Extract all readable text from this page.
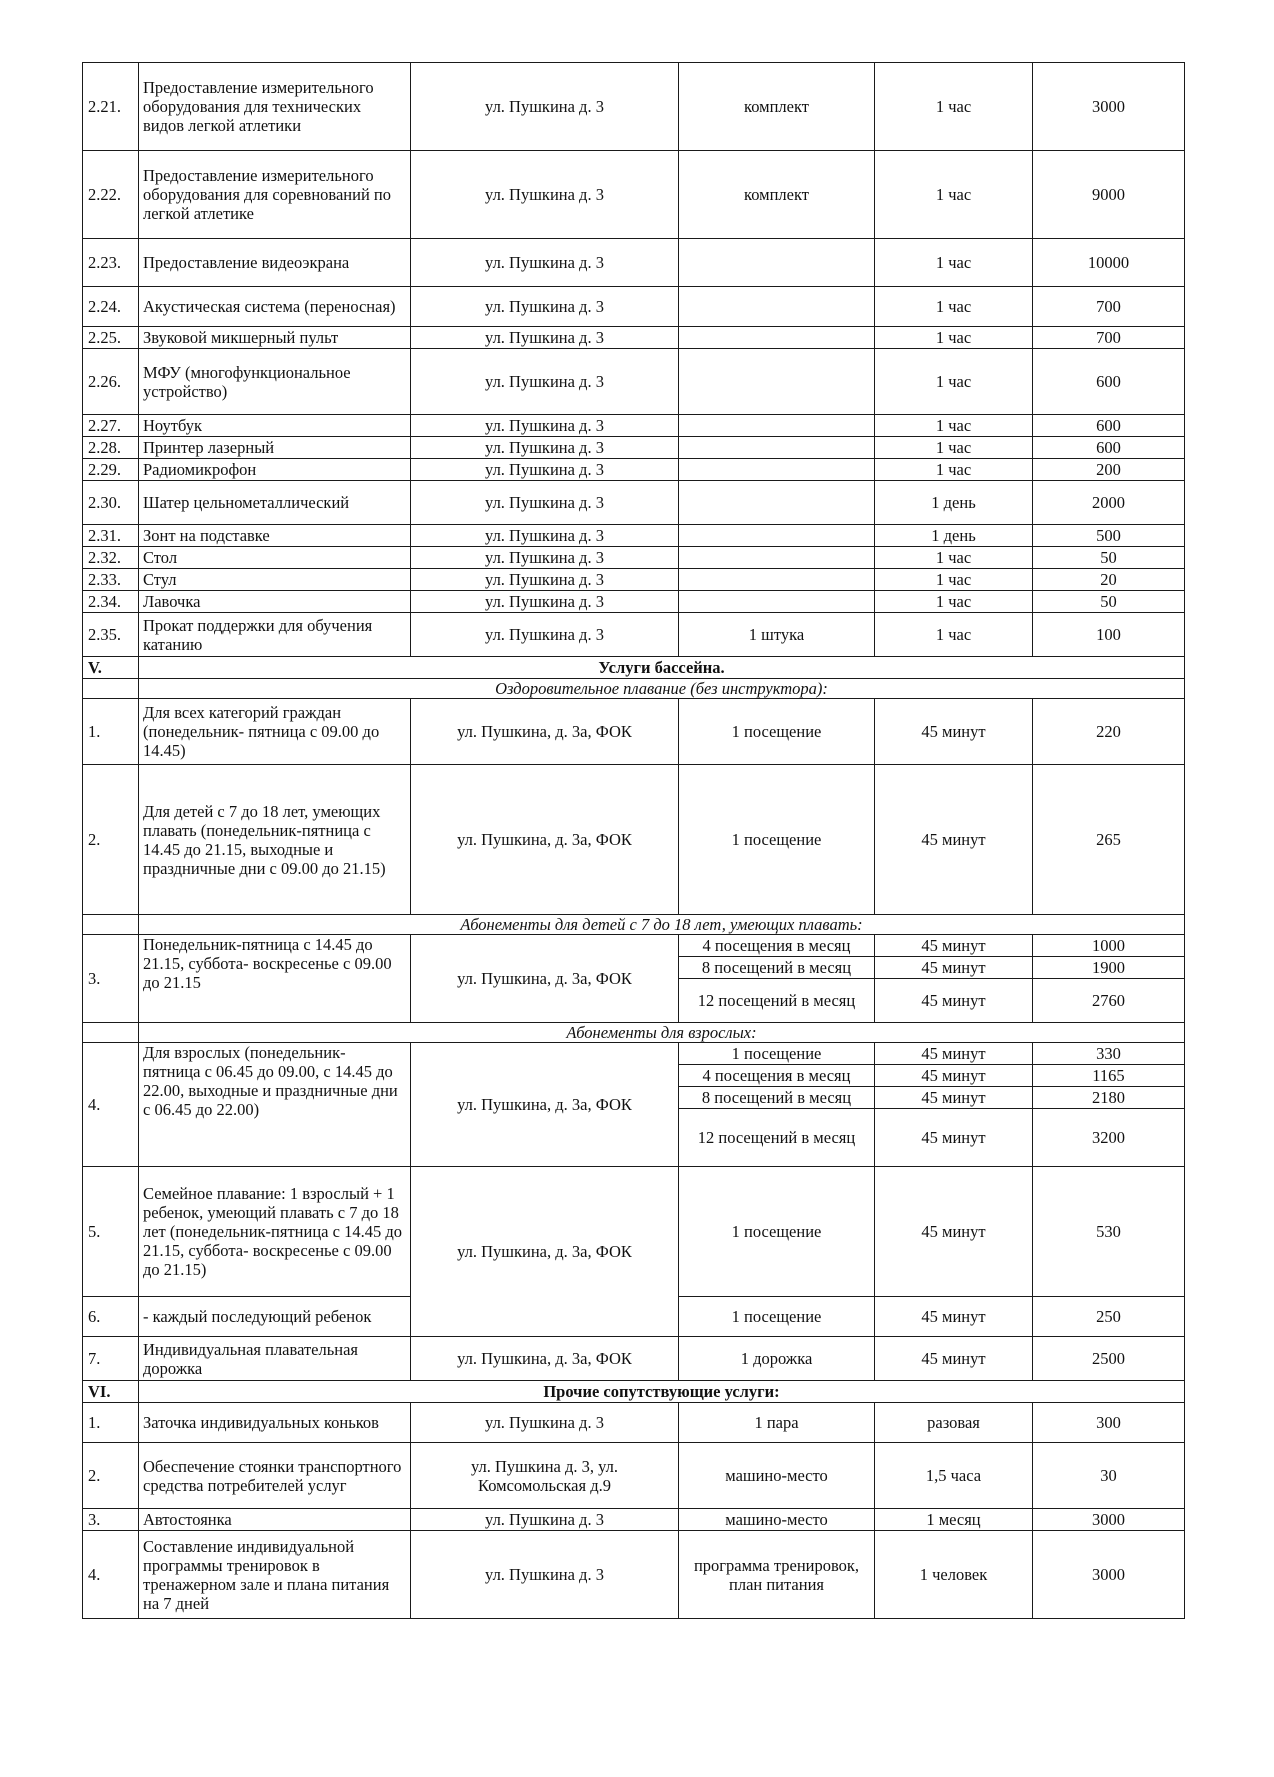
2.21.	Предоставление измерительного оборудования для технических видов легкой атлетики	ул. Пушкина д. 3	комплект	1 час	3000
2.22.	Предоставление измерительного оборудования для соревнований по легкой атлетике	ул. Пушкина д. 3	комплект	1 час	9000
2.23.	Предоставление видеоэкрана	ул. Пушкина д. 3		1 час	10000
2.24.	Акустическая система (переносная)	ул. Пушкина д. 3		1 час	700
2.25.	Звуковой микшерный пульт	ул. Пушкина д. 3		1 час	700
2.26.	МФУ (многофункциональное устройство)	ул. Пушкина д. 3		1 час	600
2.27.	Ноутбук	ул. Пушкина д. 3		1 час	600
2.28.	Принтер лазерный	ул. Пушкина д. 3		1 час	600
2.29.	Радиомикрофон	ул. Пушкина д. 3		1 час	200
2.30.	Шатер цельнометаллический	ул. Пушкина д. 3		1 день	2000
2.31.	Зонт на подставке	ул. Пушкина д. 3		1 день	500
2.32.	Стол	ул. Пушкина д. 3		1 час	50
2.33.	Стул	ул. Пушкина д. 3		1 час	20
2.34.	Лавочка	ул. Пушкина д. 3		1 час	50
2.35.	Прокат поддержки для обучения катанию	ул. Пушкина д. 3	1 штука	1 час	100
V.	Услуги бассейна.				
	Оздоровительное плавание (без инструктора):				
1.	Для всех категорий граждан (понедельник- пятница с 09.00 до 14.45)	ул. Пушкина, д. 3а, ФОК	1 посещение	45 минут	220
2.	Для детей с 7 до 18 лет, умеющих плавать (понедельник-пятница с 14.45 до 21.15, выходные и праздничные дни с 09.00 до 21.15)	ул. Пушкина, д. 3а, ФОК	1 посещение	45 минут	265
	Абонементы для детей с 7 до 18 лет, умеющих плавать:				
3.	Понедельник-пятница с 14.45 до 21.15, суббота- воскресенье с 09.00 до 21.15	ул. Пушкина, д. 3а, ФОК	4 посещения в месяц	45 минут	1000
			8 посещений в месяц	45 минут	1900
			12 посещений в месяц	45 минут	2760
	Абонементы для взрослых:				
4.	Для взрослых (понедельник- пятница с 06.45 до 09.00, с 14.45 до 22.00, выходные и праздничные дни с 06.45 до 22.00)	ул. Пушкина, д. 3а, ФОК	1 посещение	45 минут	330
			4 посещения в месяц	45 минут	1165
			8 посещений в месяц	45 минут	2180
			12 посещений в месяц	45 минут	3200
5.	Семейное плавание: 1 взрослый + 1 ребенок, умеющий плавать с 7 до 18 лет (понедельник-пятница с 14.45 до 21.15, суббота- воскресенье с 09.00 до 21.15)	ул. Пушкина, д. 3а, ФОК	1 посещение	45 минут	530
6.	- каждый последующий ребенок		1 посещение	45 минут	250
7.	Индивидуальная плавательная дорожка	ул. Пушкина, д. 3а, ФОК	1 дорожка	45 минут	2500
VI.	Прочие сопутствующие услуги:				
1.	Заточка индивидуальных коньков	ул. Пушкина д. 3	1 пара	разовая	300
2.	Обеспечение стоянки транспортного средства потребителей услуг	ул. Пушкина д. 3, ул. Комсомольская д.9	машино-место	1,5 часа	30
3.	Автостоянка	ул. Пушкина д. 3	машино-место	1 месяц	3000
4.	Составление индивидуальной программы тренировок в тренажерном зале и плана питания на 7 дней	ул. Пушкина д. 3	программа тренировок, план питания	1 человек	3000
